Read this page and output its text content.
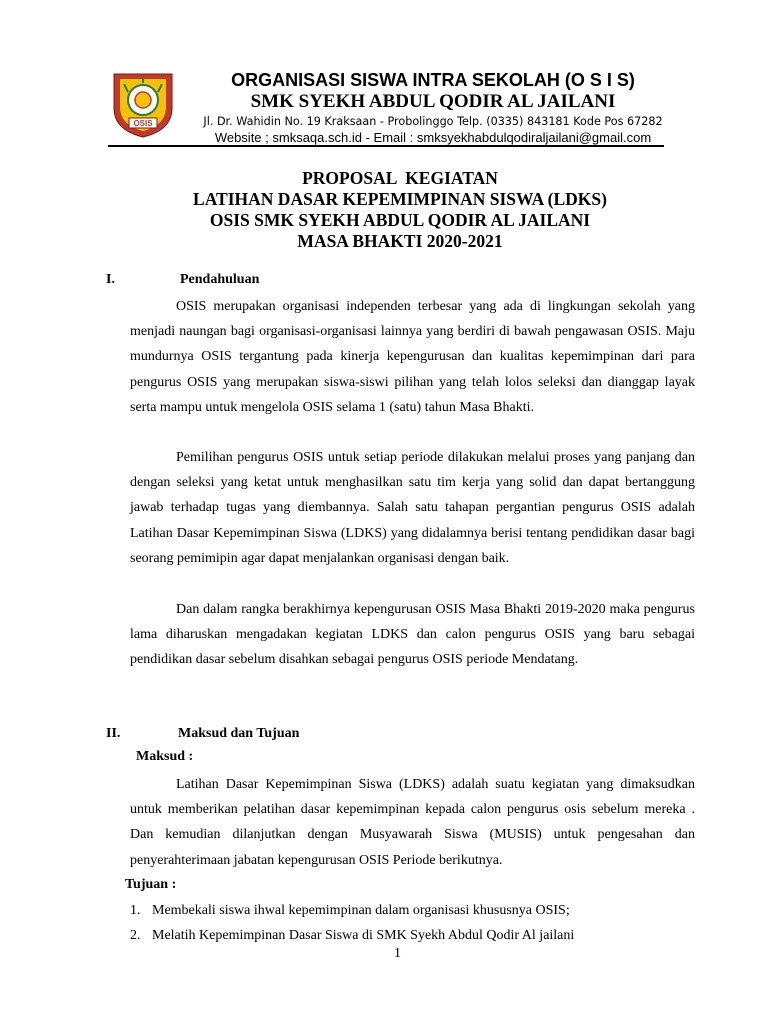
OSIS
ORGANISASI SISWA INTRA SEKOLAH (O S I S)
SMK SYEKH ABDUL QODIR AL JAILANI
Jl. Dr. Wahidin No. 19 Kraksaan - Probolinggo Telp. (0335) 843181 Kode Pos 67282
Website ; smksaqa.sch.id - Email : smksyekhabdulqodiraljailani@gmail.com
PROPOSAL  KEGIATAN
LATIHAN DASAR KEPEMIMPINAN SISWA (LDKS)
OSIS SMK SYEKH ABDUL QODIR AL JAILANI
MASA BHAKTI 2020-2021
I.	Pendahuluan
OSIS merupakan organisasi independen terbesar yang ada di lingkungan sekolah yang menjadi naungan bagi organisasi-organisasi lainnya yang berdiri di bawah pengawasan OSIS. Maju mundurnya OSIS tergantung pada kinerja kepengurusan dan kualitas kepemimpinan dari para pengurus OSIS yang merupakan siswa-siswi pilihan yang telah lolos seleksi dan dianggap layak serta mampu untuk mengelola OSIS selama 1 (satu) tahun Masa Bhakti.
Pemilihan pengurus OSIS untuk setiap periode dilakukan melalui proses yang panjang dan dengan seleksi yang ketat untuk menghasilkan satu tim kerja yang solid dan dapat bertanggung jawab terhadap tugas yang diembannya. Salah satu tahapan pergantian pengurus OSIS adalah Latihan Dasar Kepemimpinan Siswa (LDKS) yang didalamnya berisi tentang pendidikan dasar bagi seorang pemimipin agar dapat menjalankan organisasi dengan baik.
Dan dalam rangka berakhirnya kepengurusan OSIS Masa Bhakti 2019-2020 maka pengurus lama diharuskan mengadakan kegiatan LDKS dan calon pengurus OSIS yang baru sebagai pendidikan dasar sebelum disahkan sebagai pengurus OSIS periode Mendatang.
II.	Maksud dan Tujuan
Maksud :
Latihan Dasar Kepemimpinan Siswa (LDKS) adalah suatu kegiatan yang dimaksudkan untuk memberikan pelatihan dasar kepemimpinan kepada calon pengurus osis sebelum mereka . Dan kemudian dilanjutkan dengan Musyawarah Siswa (MUSIS) untuk pengesahan dan penyerahterimaan jabatan kepengurusan OSIS Periode berikutnya.
Tujuan :
1. Membekali siswa ihwal kepemimpinan dalam organisasi khususnya OSIS;
2. Melatih Kepemimpinan Dasar Siswa di SMK Syekh Abdul Qodir Al jailani
1
